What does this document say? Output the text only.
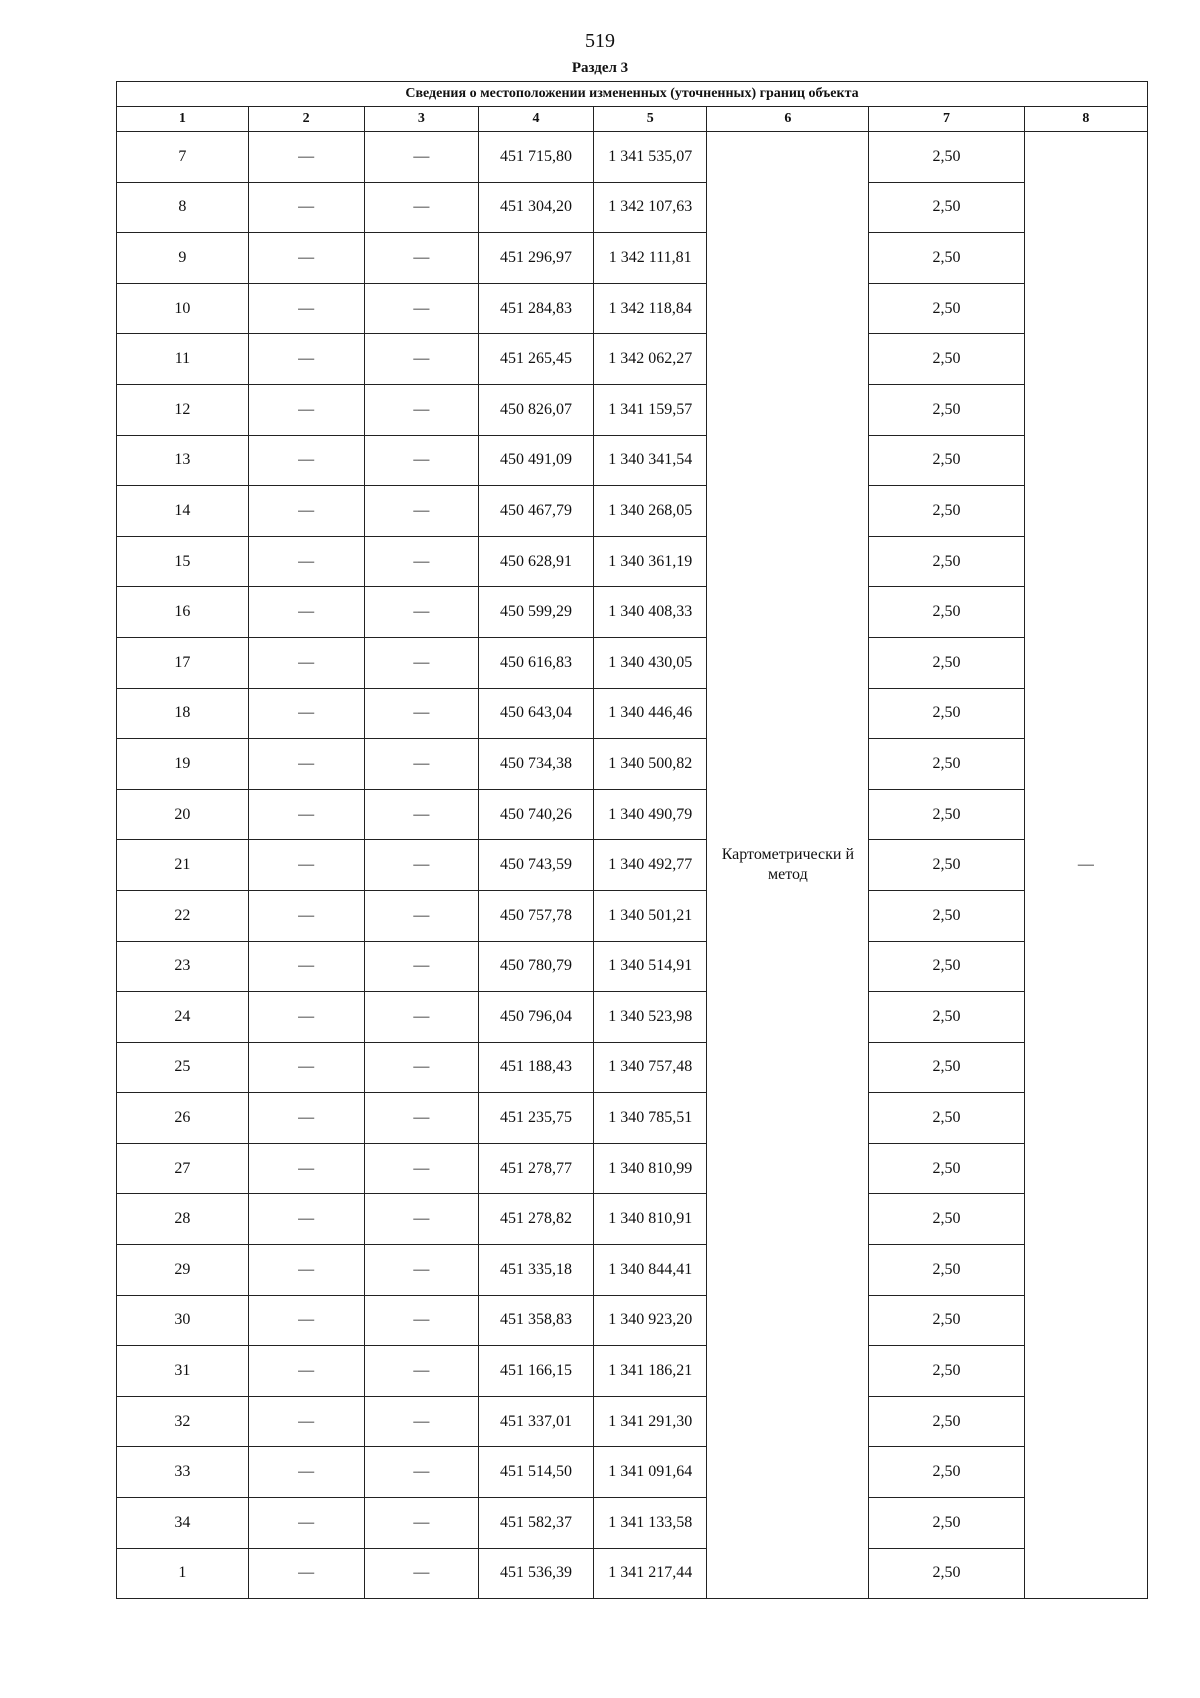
519
Раздел 3
Сведения о местоположении измененных (уточненных) границ объекта							
1	2	3	4	5	6	7	8
7	—	—	451 715,80	1 341 535,07	Картометрически й метод	2,50	—
8	—	—	451 304,20	1 342 107,63		2,50	
9	—	—	451 296,97	1 342 111,81		2,50	
10	—	—	451 284,83	1 342 118,84		2,50	
11	—	—	451 265,45	1 342 062,27		2,50	
12	—	—	450 826,07	1 341 159,57		2,50	
13	—	—	450 491,09	1 340 341,54		2,50	
14	—	—	450 467,79	1 340 268,05		2,50	
15	—	—	450 628,91	1 340 361,19		2,50	
16	—	—	450 599,29	1 340 408,33		2,50	
17	—	—	450 616,83	1 340 430,05		2,50	
18	—	—	450 643,04	1 340 446,46		2,50	
19	—	—	450 734,38	1 340 500,82		2,50	
20	—	—	450 740,26	1 340 490,79		2,50	
21	—	—	450 743,59	1 340 492,77		2,50	
22	—	—	450 757,78	1 340 501,21		2,50	
23	—	—	450 780,79	1 340 514,91		2,50	
24	—	—	450 796,04	1 340 523,98		2,50	
25	—	—	451 188,43	1 340 757,48		2,50	
26	—	—	451 235,75	1 340 785,51		2,50	
27	—	—	451 278,77	1 340 810,99		2,50	
28	—	—	451 278,82	1 340 810,91		2,50	
29	—	—	451 335,18	1 340 844,41		2,50	
30	—	—	451 358,83	1 340 923,20		2,50	
31	—	—	451 166,15	1 341 186,21		2,50	
32	—	—	451 337,01	1 341 291,30		2,50	
33	—	—	451 514,50	1 341 091,64		2,50	
34	—	—	451 582,37	1 341 133,58		2,50	
1	—	—	451 536,39	1 341 217,44		2,50	
